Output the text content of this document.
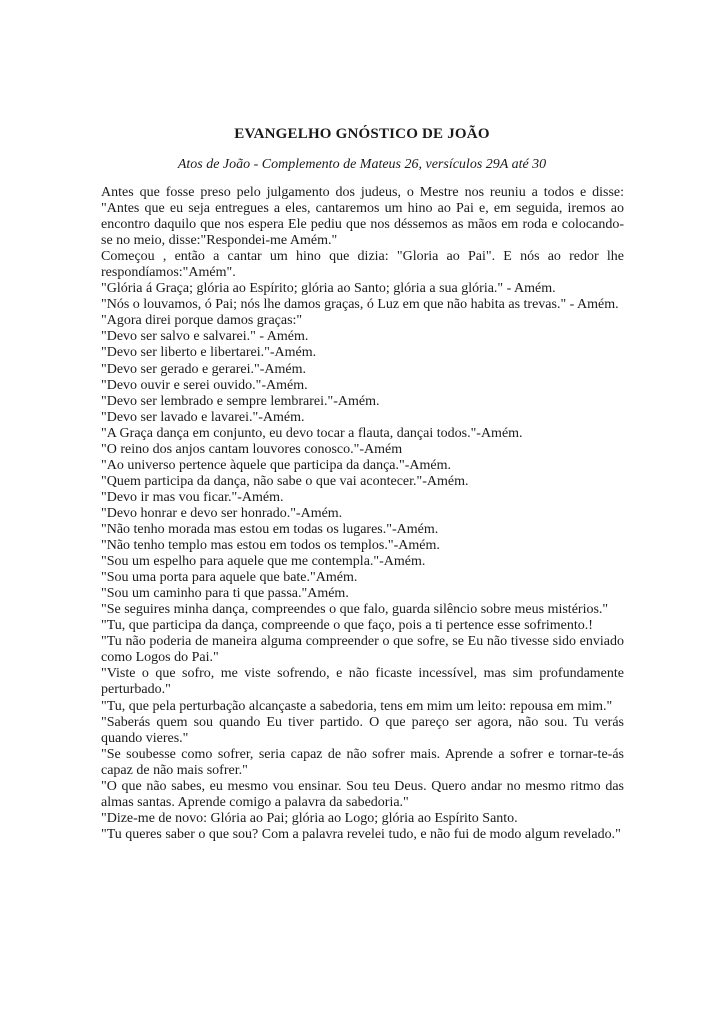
EVANGELHO GNÓSTICO DE JOÃO
Atos de João - Complemento de Mateus 26, versículos 29A até 30

Antes que fosse preso pelo julgamento dos judeus, o Mestre nos reuniu a todos e disse: "Antes que eu seja entregues a eles, cantaremos um hino ao Pai e, em seguida, iremos ao encontro daquilo que nos espera Ele pediu que nos déssemos as mãos em roda e colocando-se no meio, disse:"Respondei-me Amém."

Começou , então a cantar um hino que dizia: "Gloria ao Pai". E nós ao redor lhe respondíamos:"Amém".

"Glória á Graça; glória ao Espírito; glória ao Santo; glória a sua glória." - Amém.

"Nós o louvamos, ó Pai; nós lhe damos graças, ó Luz em que não habita as trevas." - Amém.

"Agora direi porque damos graças:"

"Devo ser salvo e salvarei." - Amém.

"Devo ser liberto e libertarei."-Amém.

"Devo ser gerado e gerarei."-Amém.

"Devo ouvir e serei ouvido."-Amém.

"Devo ser lembrado e sempre lembrarei."-Amém.

"Devo ser lavado e lavarei."-Amém.

"A Graça dança em conjunto, eu devo tocar a flauta, dançai todos."-Amém.

"O reino dos anjos cantam louvores conosco."-Amém

"Ao universo pertence àquele que participa da dança."-Amém.

"Quem participa da dança, não sabe o que vai acontecer."-Amém.

"Devo ir mas vou ficar."-Amém.

"Devo honrar e devo ser honrado."-Amém.

"Não tenho morada mas estou em todas os lugares."-Amém.

"Não tenho templo mas estou em todos os templos."-Amém.

"Sou um espelho para aquele que me contempla."-Amém.

"Sou uma porta para aquele que bate."Amém.

"Sou um caminho para ti que passa."Amém.

"Se seguires minha dança, compreendes o que falo, guarda silêncio sobre meus mistérios."

"Tu, que participa da dança, compreende o que faço, pois a ti pertence esse sofrimento.!

"Tu não poderia de maneira alguma compreender o que sofre, se Eu não tivesse sido enviado como Logos do Pai."

"Viste o que sofro, me viste sofrendo, e não ficaste incessível, mas sim profundamente perturbado."

"Tu, que pela perturbação alcançaste a sabedoria, tens em mim um leito: repousa em mim."

"Saberás quem sou quando Eu tiver partido. O que pareço ser agora, não sou. Tu verás quando vieres."

"Se soubesse como sofrer, seria capaz de não sofrer mais. Aprende a sofrer e tornar-te-ás capaz de não mais sofrer."

"O que não sabes, eu mesmo vou ensinar. Sou teu Deus. Quero andar no mesmo ritmo das almas santas. Aprende comigo a palavra da sabedoria."

"Dize-me de novo: Glória ao Pai; glória ao Logo; glória ao Espírito Santo.

"Tu queres saber o que sou? Com a palavra revelei tudo, e não fui de modo algum revelado."
